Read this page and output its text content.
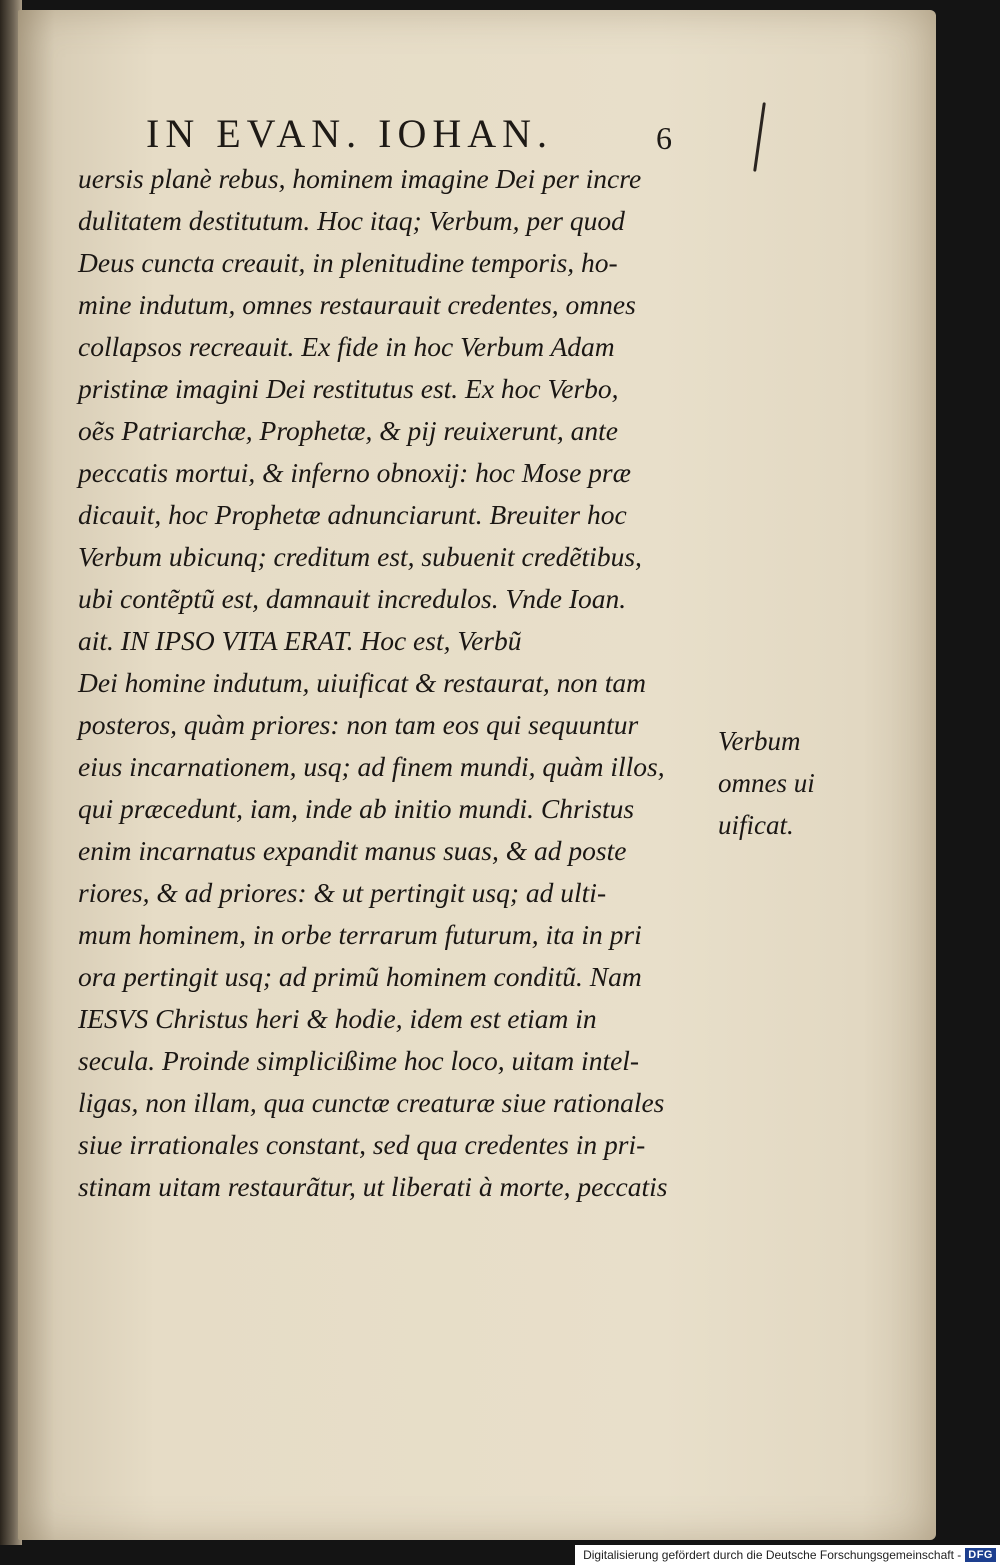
IN EVAN. IOHAN.	6
uersis planè rebus, hominem imagine Dei per incre
dulitatem destitutum. Hoc itaq; Verbum, per quod
Deus cuncta creauit, in plenitudine temporis, ho-
mine indutum, omnes restaurauit credentes, omnes
collapsos recreauit. Ex fide in hoc Verbum Adam
pristinæ imagini Dei restitutus est. Ex hoc Verbo,
oẽs Patriarchæ, Prophetæ, & pij reuixerunt, ante
peccatis mortui, & inferno obnoxij: hoc Mose præ
dicauit, hoc Prophetæ adnunciarunt. Breuiter hoc
Verbum ubicunq; creditum est, subuenit credẽtibus,
ubi contẽptũ est, damnauit incredulos. Vnde Ioan.
ait. IN IPSO VITA ERAT. Hoc est, Verbũ
Dei homine indutum, uiuificat & restaurat, non tam
posteros, quàm priores: non tam eos qui sequuntur
eius incarnationem, usq; ad finem mundi, quàm illos,
qui præcedunt, iam, inde ab initio mundi. Christus
enim incarnatus expandit manus suas, & ad poste
riores, & ad priores: & ut pertingit usq; ad ulti-
mum hominem, in orbe terrarum futurum, ita in pri
ora pertingit usq; ad primũ hominem conditũ. Nam
IESVS Christus heri & hodie, idem est etiam in
secula. Proinde simplicißime hoc loco, uitam intel-
ligas, non illam, qua cunctæ creaturæ siue rationales
siue irrationales constant, sed qua credentes in pri-
stinam uitam restaurãtur, ut liberati à morte, peccatis
Verbum
omnes ui
uificat.
Digitalisierung gefördert durch die Deutsche Forschungsgemeinschaft - DFG
